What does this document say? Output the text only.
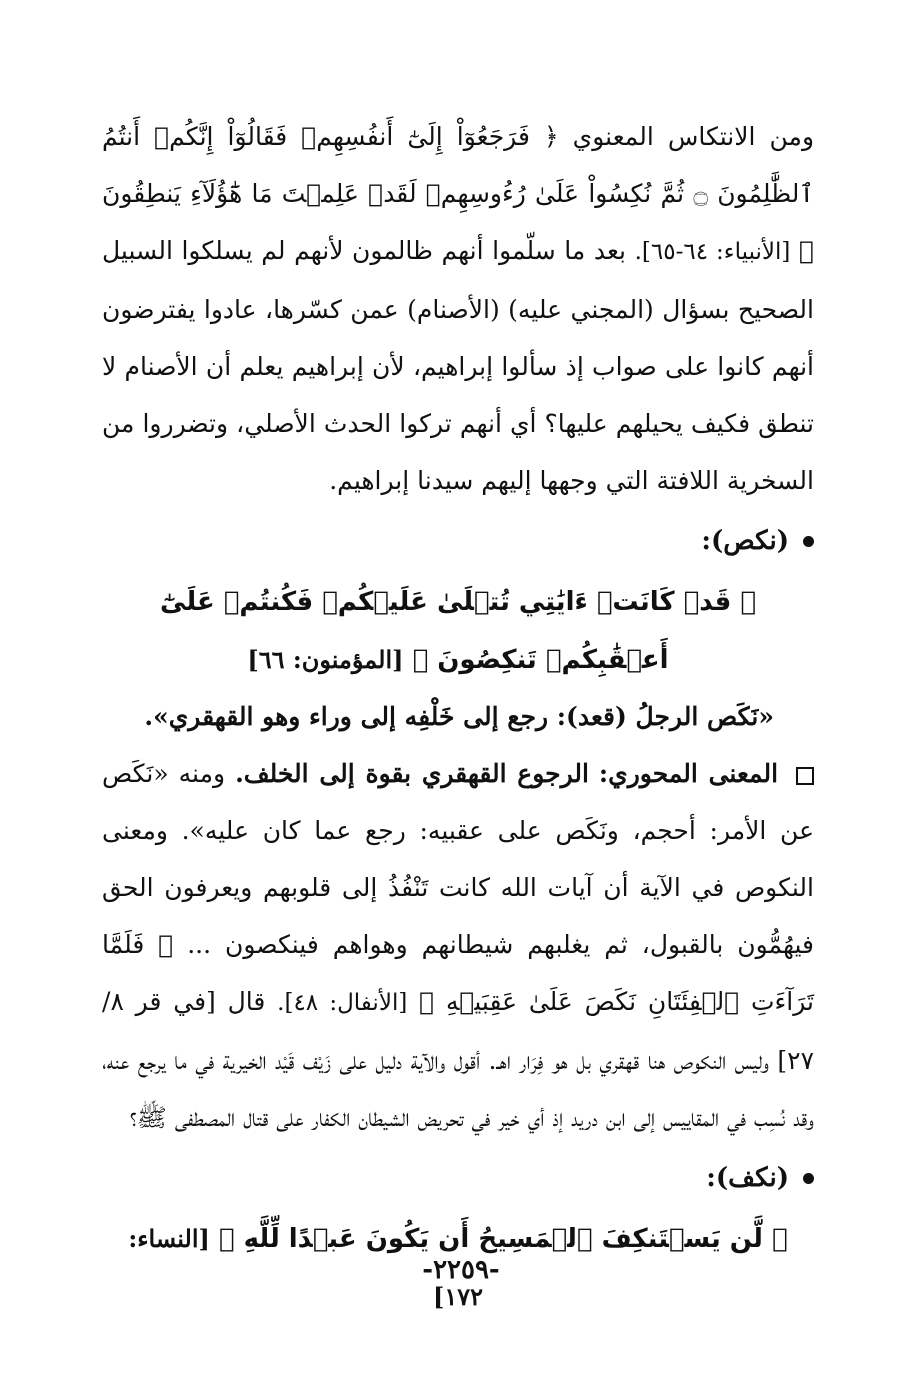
ومن الانتكاس المعنوي ﴿ فَرَجَعُوٓاْ إِلَىٰٓ أَنفُسِهِمۡ فَقَالُوٓاْ إِنَّكُمۡ أَنتُمُ ٱلظَّٰلِمُونَ ۝ ثُمَّ نُكِسُواْ عَلَىٰ رُءُوسِهِمۡ لَقَدۡ عَلِمۡتَ مَا هَٰٓؤُلَآءِ يَنطِقُونَ ﴾ [الأنبياء: ٦٤-٦٥]. بعد ما سلّموا أنهم ظالمون لأنهم لم يسلكوا السبيل الصحيح بسؤال (المجني عليه) (الأصنام) عمن كسّرها، عادوا يفترضون أنهم كانوا على صواب إذ سألوا إبراهيم، لأن إبراهيم يعلم أن الأصنام لا تنطق فكيف يحيلهم عليها؟ أي أنهم تركوا الحدث الأصلي، وتضرروا من السخرية اللافتة التي وجهها إليهم سيدنا إبراهيم.

(نكص):

﴿ قَدۡ كَانَتۡ ءَايَٰتِي تُتۡلَىٰ عَلَيۡكُمۡ فَكُنتُمۡ عَلَىٰٓ أَعۡقَٰبِكُمۡ تَنكِصُونَ ﴾ [المؤمنون: ٦٦]

«نَكَص الرجلُ (قعد): رجع إلى خَلْفِه إلى وراء وهو القهقري».

المعنى المحوري: الرجوع القهقري بقوة إلى الخلف. ومنه «نَكَص عن الأمر: أحجم، ونَكَص على عقبيه: رجع عما كان عليه». ومعنى النكوص في الآية أن آيات الله كانت تَنْفُذُ إلى قلوبهم ويعرفون الحق فيهُمُّون بالقبول، ثم يغلبهم شيطانهم وهواهم فينكصون ... ﴿ فَلَمَّا تَرَآءَتِ ٱلۡفِئَتَانِ نَكَصَ عَلَىٰ عَقِبَيۡهِ ﴾ [الأنفال: ٤٨]. قال [في قر ٨/ ٢٧] وليس النكوص هنا قهقري بل هو فِرَار اهـ. أقول والآية دليل على زَيْف قَيْد الخيرية في ما يرجع عنه، وقد نُسِب في المقاييس إلى ابن دريد إذ أي خير في تحريض الشيطان الكفار على قتال المصطفى ﷺ؟

(نكف):

﴿ لَّن يَسۡتَنكِفَ ٱلۡمَسِيحُ أَن يَكُونَ عَبۡدًا لِّلَّهِ ﴾ [النساء: ١٧٢]

-٢٢٥٩-
